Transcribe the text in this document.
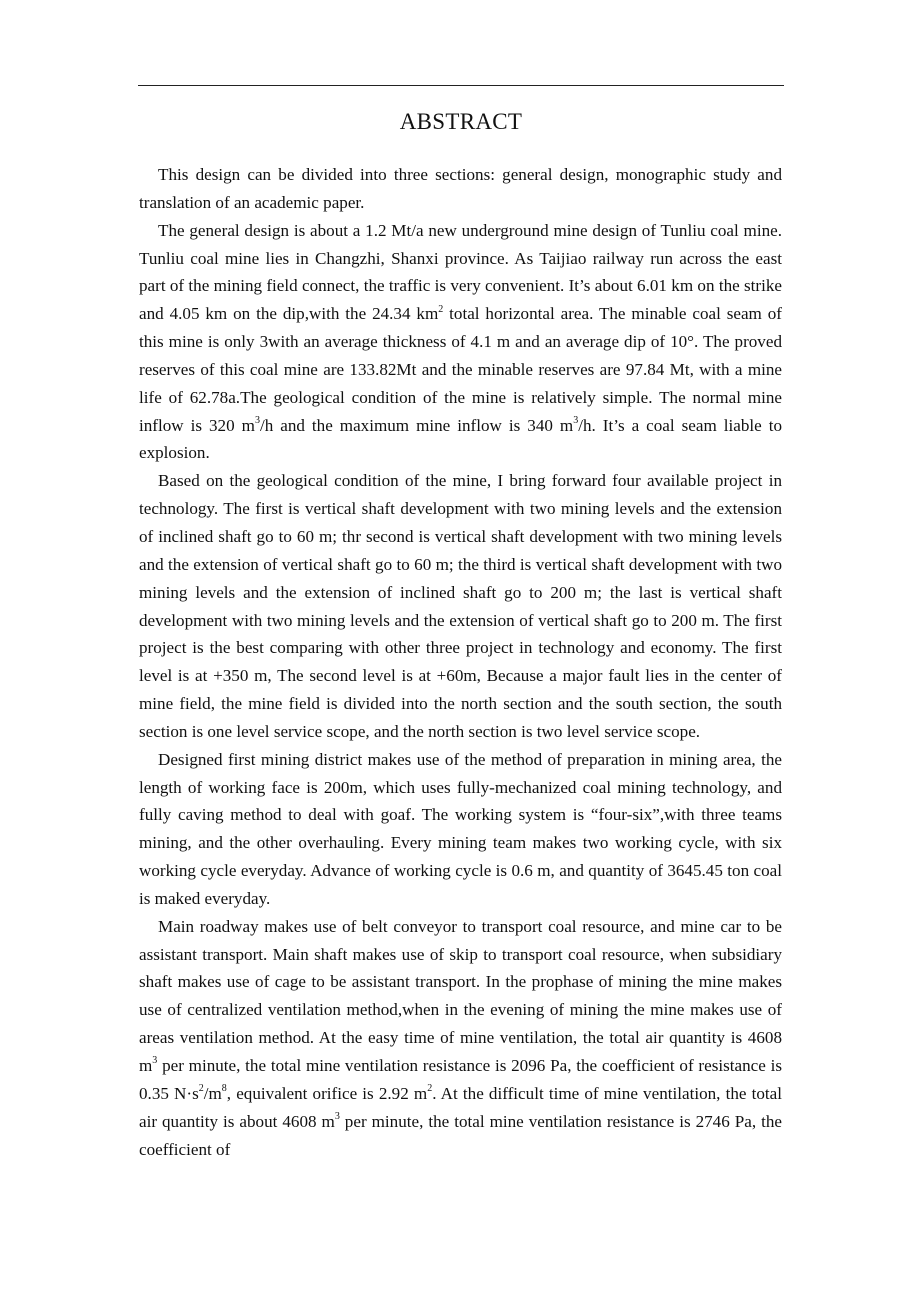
ABSTRACT

This design can be divided into three sections: general design, monographic study and translation of an academic paper.

The general design is about a 1.2 Mt/a new underground mine design of Tunliu coal mine. Tunliu coal mine lies in Changzhi, Shanxi province. As Taijiao railway run across the east part of the mining field connect, the traffic is very convenient. It’s about 6.01 km on the strike and 4.05 km on the dip,with the 24.34 $km^2$ total horizontal area. The minable coal seam of this mine is only 3with an average thickness of 4.1 m and an average dip of 10°. The proved reserves of this coal mine are 133.82Mt and the minable reserves are 97.84 Mt, with a mine life of 62.78a.The geological condition of the mine is relatively simple. The normal mine inflow is 320 $m^3/h$ and the maximum mine inflow is 340 $m^3/h$. It’s a coal seam liable to explosion.

Based on the geological condition of the mine, I bring forward four available project in technology. The first is vertical shaft development with two mining levels and the extension of inclined shaft go to 60 m; thr second is vertical shaft development with two mining levels and the extension of vertical shaft go to 60 m; the third is vertical shaft development with two mining levels and the extension of inclined shaft go to 200 m; the last is vertical shaft development with two mining levels and the extension of vertical shaft go to 200 m. The first project is the best comparing with other three project in technology and economy. The first level is at +350 m, The second level is at +60m, Because a major fault lies in the center of mine field, the mine field is divided into the north section and the south section, the south section is one level service scope, and the north section is two level service scope.

Designed first mining district makes use of the method of preparation in mining area, the length of working face is 200m, which uses fully-mechanized coal mining technology, and fully caving method to deal with goaf. The working system is “four-six”,with three teams mining, and the other overhauling. Every mining team makes two working cycle, with six working cycle everyday. Advance of working cycle is 0.6 m, and quantity of 3645.45 ton coal is maked everyday.

Main roadway makes use of belt conveyor to transport coal resource, and mine car to be assistant transport. Main shaft makes use of skip to transport coal resource, when subsidiary shaft makes use of cage to be assistant transport. In the prophase of mining the mine makes use of centralized ventilation method,when in the evening of mining the mine makes use of areas ventilation method. At the easy time of mine ventilation, the total air quantity is 4608 $m^3$ per minute, the total mine ventilation resistance is 2096 Pa, the coefficient of resistance is 0.35 $N\cdot s^2/m^8$, equivalent orifice is 2.92 $m^2$. At the difficult time of mine ventilation, the total air quantity is about 4608 $m^3$ per minute, the total mine ventilation resistance is 2746 Pa, the coefficient of
